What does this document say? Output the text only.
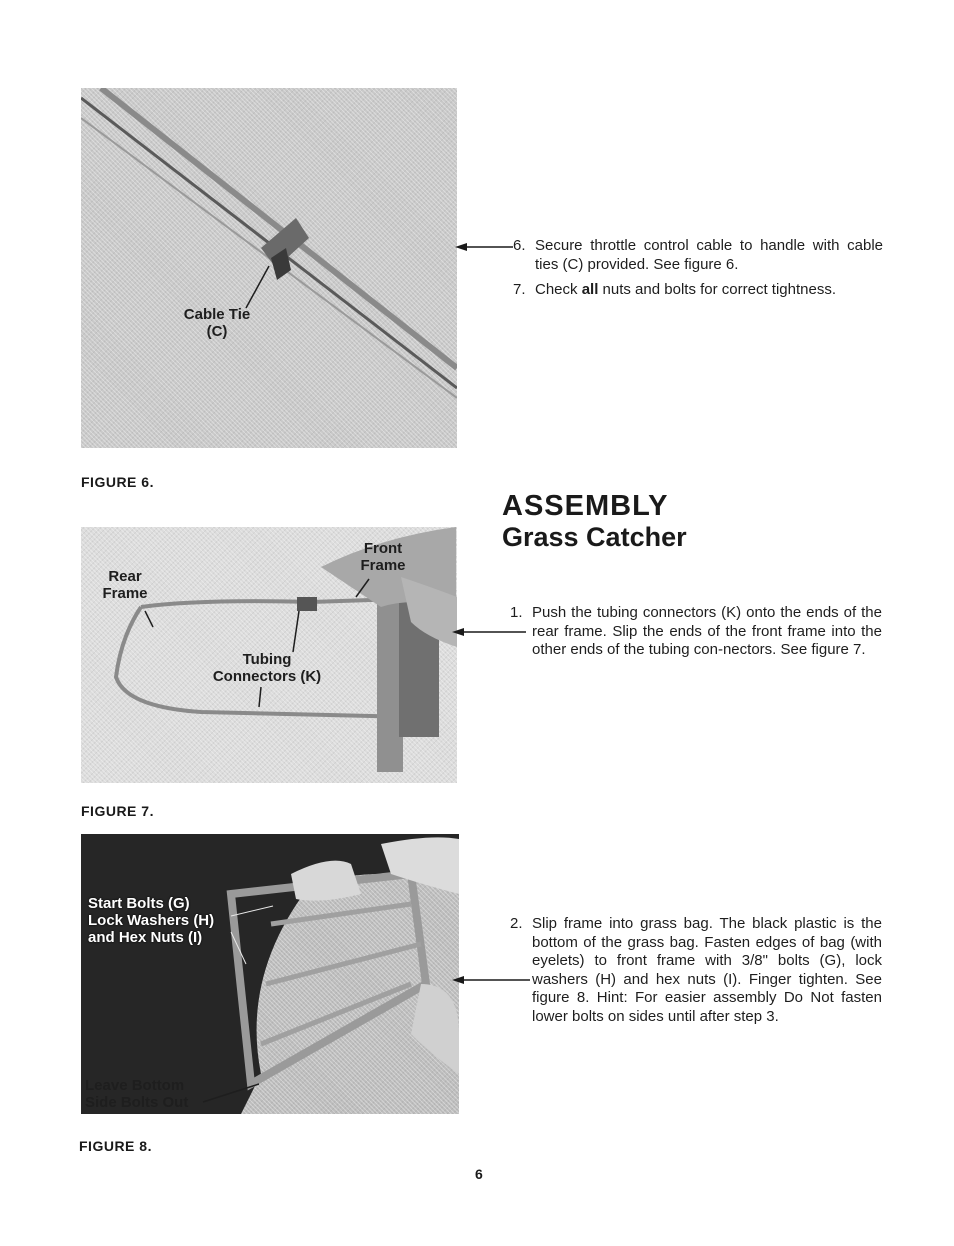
Cable Tie
(C)
FIGURE 6.
6. Secure throttle control cable to handle with cable ties (C) provided. See figure 6.
7. Check all nuts and bolts for correct tightness.
ASSEMBLY
Grass Catcher
Rear
Frame
Front
Frame
Tubing
Connectors (K)
FIGURE 7.
1. Push the tubing connectors (K) onto the ends of the rear frame. Slip the ends of the front frame into the other ends of the tubing con-nectors. See figure 7.
Start Bolts (G)
Lock Washers (H)
and Hex Nuts (I)
Leave Bottom
Side Bolts Out
FIGURE 8.
2. Slip frame into grass bag. The black plastic is the bottom of the grass bag. Fasten edges of bag (with eyelets) to front frame with 3/8" bolts (G), lock washers (H) and hex nuts (I). Finger tighten. See figure 8. Hint: For easier assembly Do Not fasten lower bolts on sides until after step 3.
6
